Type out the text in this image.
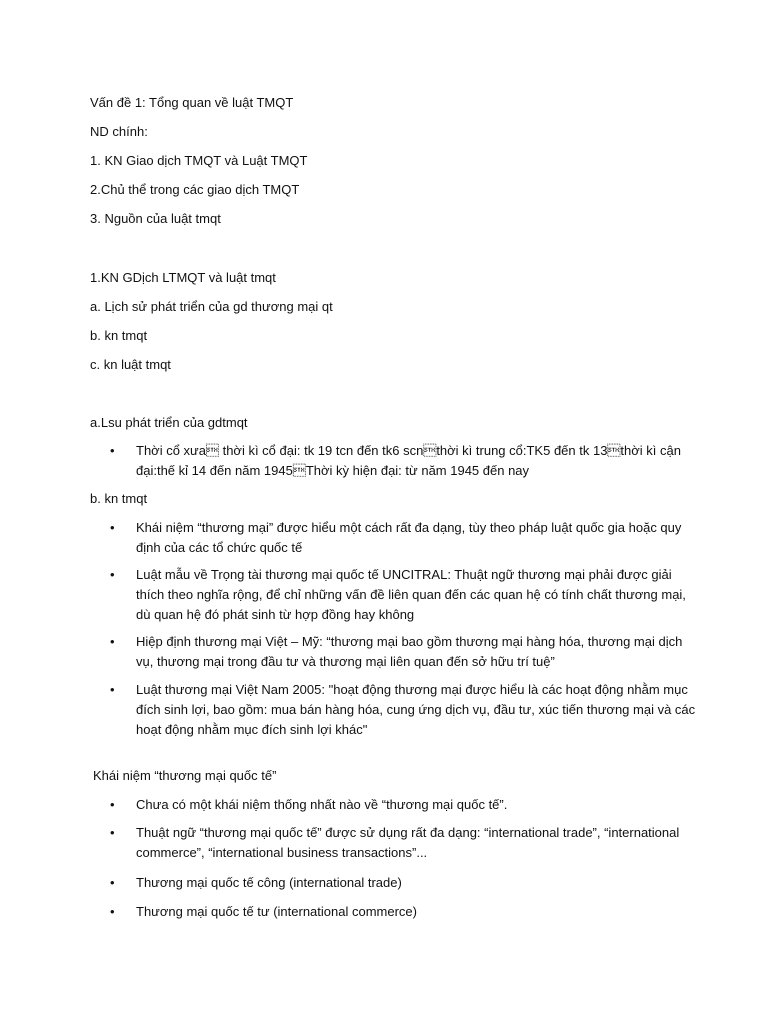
Vấn đề 1: Tổng quan về luật TMQT
ND chính:
1. KN Giao dịch TMQT và Luật TMQT
2.Chủ thể trong các giao dịch TMQT
3. Nguồn của luật tmqt
1.KN GDịch LTMQT và luật tmqt
a. Lịch sử phát triển của gd thương mại qt
b. kn tmqt
c. kn luật tmqt
a.Lsu phát triển của gdtmqt
•	Thời cổ xưa thời kì cổ đại: tk 19 tcn đến tk6 scnthời kì trung cổ:TK5 đến tk 13thời kì cận
đại:thế kỉ 14 đến năm 1945Thời kỳ hiện đại: từ năm 1945 đến nay
b. kn tmqt
•	Khái niệm “thương mại” được hiểu một cách rất đa dạng, tùy theo pháp luật quốc gia hoặc quy
định của các tổ chức quốc tế
•	Luật mẫu về Trọng tài thương mại quốc tế UNCITRAL: Thuật ngữ thương mại phải được giải
thích theo nghĩa rộng, để chỉ những vấn đề liên quan đến các quan hệ có tính chất thương mại,
dù quan hệ đó phát sinh từ hợp đồng hay không
•	Hiệp định thương mại Việt – Mỹ: “thương mại bao gồm thương mại hàng hóa, thương mại dịch
vụ, thương mại trong đầu tư và thương mại liên quan đến sở hữu trí tuệ”
•	Luật thương mại Việt Nam 2005: "hoạt động thương mại được hiểu là các hoạt động nhằm mục
đích sinh lợi, bao gồm: mua bán hàng hóa, cung ứng dịch vụ, đầu tư, xúc tiến thương mại và các
hoạt động nhằm mục đích sinh lợi khác"
Khái niệm “thương mại quốc tế”
•	Chưa có một khái niệm thống nhất nào về “thương mại quốc tế”.
•	Thuật ngữ “thương mại quốc tế” được sử dụng rất đa dạng: “international trade”, “international
commerce”, “international business transactions”...
•	Thương mại quốc tế công (international trade)
•	Thương mại quốc tế tư (international commerce)
